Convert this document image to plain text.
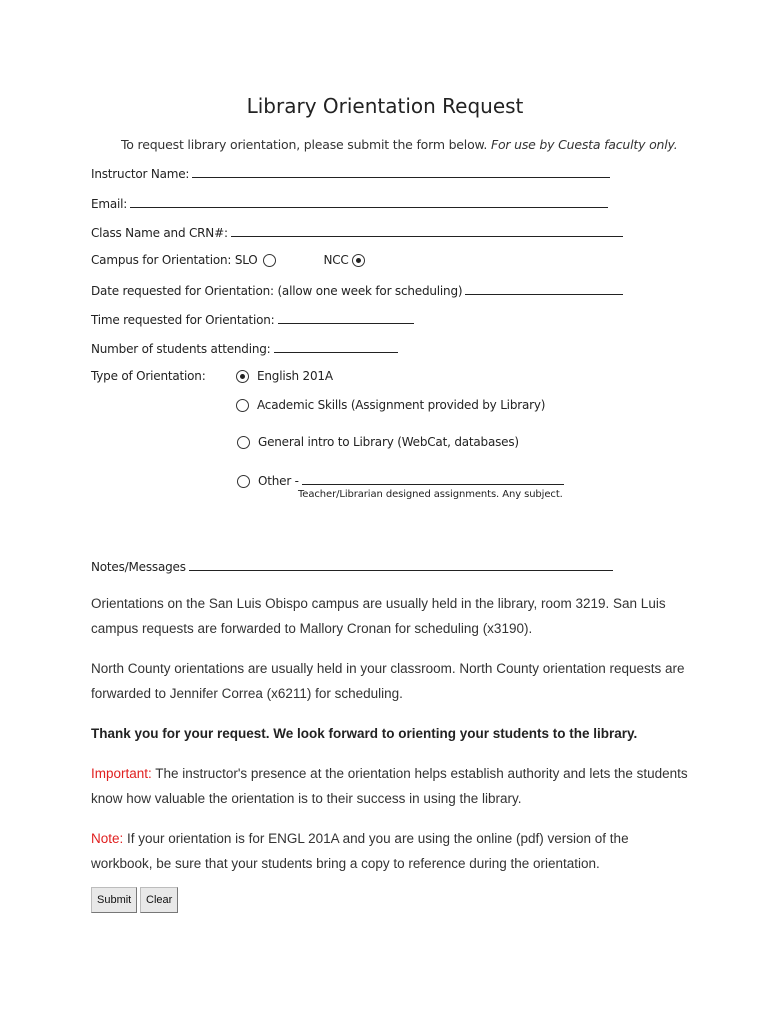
Library Orientation Request
To request library orientation, please submit the form below. For use by Cuesta faculty only.
Instructor Name:
Email:
Class Name and CRN#:
Campus for Orientation: SLO	NCC
Date requested for Orientation: (allow one week for scheduling)
Time requested for Orientation:
Number of students attending:
Type of Orientation:	English 201A
Academic Skills (Assignment provided by Library)
General intro to Library (WebCat, databases)
Other -
Teacher/Librarian designed assignments. Any subject.
Notes/Messages
Orientations on the San Luis Obispo campus are usually held in the library, room 3219. San Luis campus requests are forwarded to Mallory Cronan for scheduling (x3190).
North County orientations are usually held in your classroom. North County orientation requests are forwarded to Jennifer Correa (x6211) for scheduling.
Thank you for your request. We look forward to orienting your students to the library.
Important: The instructor's presence at the orientation helps establish authority and lets the students know how valuable the orientation is to their success in using the library.
Note: If your orientation is for ENGL 201A and you are using the online (pdf) version of the workbook, be sure that your students bring a copy to reference during the orientation.
Submit	Clear
